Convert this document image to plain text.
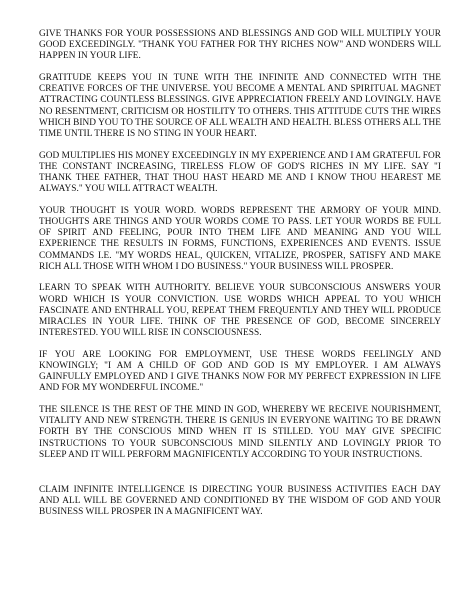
GIVE THANKS FOR YOUR POSSESSIONS AND BLESSINGS AND GOD WILL MULTIPLY YOUR GOOD EXCEEDINGLY. "THANK YOU FATHER FOR THY RICHES NOW" AND WONDERS WILL HAPPEN IN YOUR LIFE.

GRATITUDE KEEPS YOU IN TUNE WITH THE INFINITE AND CONNECTED WITH THE CREATIVE FORCES OF THE UNIVERSE. YOU BECOME A MENTAL AND SPIRITUAL MAGNET ATTRACTING COUNTLESS BLESSINGS. GIVE APPRECIATION FREELY AND LOVINGLY. HAVE NO RESENTMENT, CRITICISM OR HOSTILITY TO OTHERS. THIS ATTITUDE CUTS THE WIRES WHICH BIND YOU TO THE SOURCE OF ALL WEALTH AND HEALTH. BLESS OTHERS ALL THE TIME UNTIL THERE IS NO STING IN YOUR HEART.

GOD MULTIPLIES HIS MONEY EXCEEDINGLY IN MY EXPERIENCE AND I AM GRATEFUL FOR THE CONSTANT INCREASING, TIRELESS FLOW OF GOD'S RICHES IN MY LIFE. SAY "I THANK THEE FATHER, THAT THOU HAST HEARD ME AND I KNOW THOU HEAREST ME ALWAYS." YOU WILL ATTRACT WEALTH.

YOUR THOUGHT IS YOUR WORD. WORDS REPRESENT THE ARMORY OF YOUR MIND. THOUGHTS ARE THINGS AND YOUR WORDS COME TO PASS. LET YOUR WORDS BE FULL OF SPIRIT AND FEELING, POUR INTO THEM LIFE AND MEANING AND YOU WILL EXPERIENCE THE RESULTS IN FORMS, FUNCTIONS, EXPERIENCES AND EVENTS. ISSUE COMMANDS I.E. "MY WORDS HEAL, QUICKEN, VITALIZE, PROSPER, SATISFY AND MAKE RICH ALL THOSE WITH WHOM I DO BUSINESS." YOUR BUSINESS WILL PROSPER.

LEARN TO SPEAK WITH AUTHORITY. BELIEVE YOUR SUBCONSCIOUS ANSWERS YOUR WORD WHICH IS YOUR CONVICTION. USE WORDS WHICH APPEAL TO YOU WHICH FASCINATE AND ENTHRALL YOU, REPEAT THEM FREQUENTLY AND THEY WILL PRODUCE MIRACLES IN YOUR LIFE. THINK OF THE PRESENCE OF GOD, BECOME SINCERELY INTERESTED. YOU WILL RISE IN CONSCIOUSNESS.

IF YOU ARE LOOKING FOR EMPLOYMENT, USE THESE WORDS FEELINGLY AND KNOWINGLY; "I AM A CHILD OF GOD AND GOD IS MY EMPLOYER. I AM ALWAYS GAINFULLY EMPLOYED AND I GIVE THANKS NOW FOR MY PERFECT EXPRESSION IN LIFE AND FOR MY WONDERFUL INCOME."

THE SILENCE IS THE REST OF THE MIND IN GOD, WHEREBY WE RECEIVE NOURISHMENT, VITALITY AND NEW STRENGTH. THERE IS GENIUS IN EVERYONE WAITING TO BE DRAWN FORTH BY THE CONSCIOUS MIND WHEN IT IS STILLED. YOU MAY GIVE SPECIFIC INSTRUCTIONS TO YOUR SUBCONSCIOUS MIND SILENTLY AND LOVINGLY PRIOR TO SLEEP AND IT WILL PERFORM MAGNIFICENTLY ACCORDING TO YOUR INSTRUCTIONS.

CLAIM INFINITE INTELLIGENCE IS DIRECTING YOUR BUSINESS ACTIVITIES EACH DAY AND ALL WILL BE GOVERNED AND CONDITIONED BY THE WISDOM OF GOD AND YOUR BUSINESS WILL PROSPER IN A MAGNIFICENT WAY.
